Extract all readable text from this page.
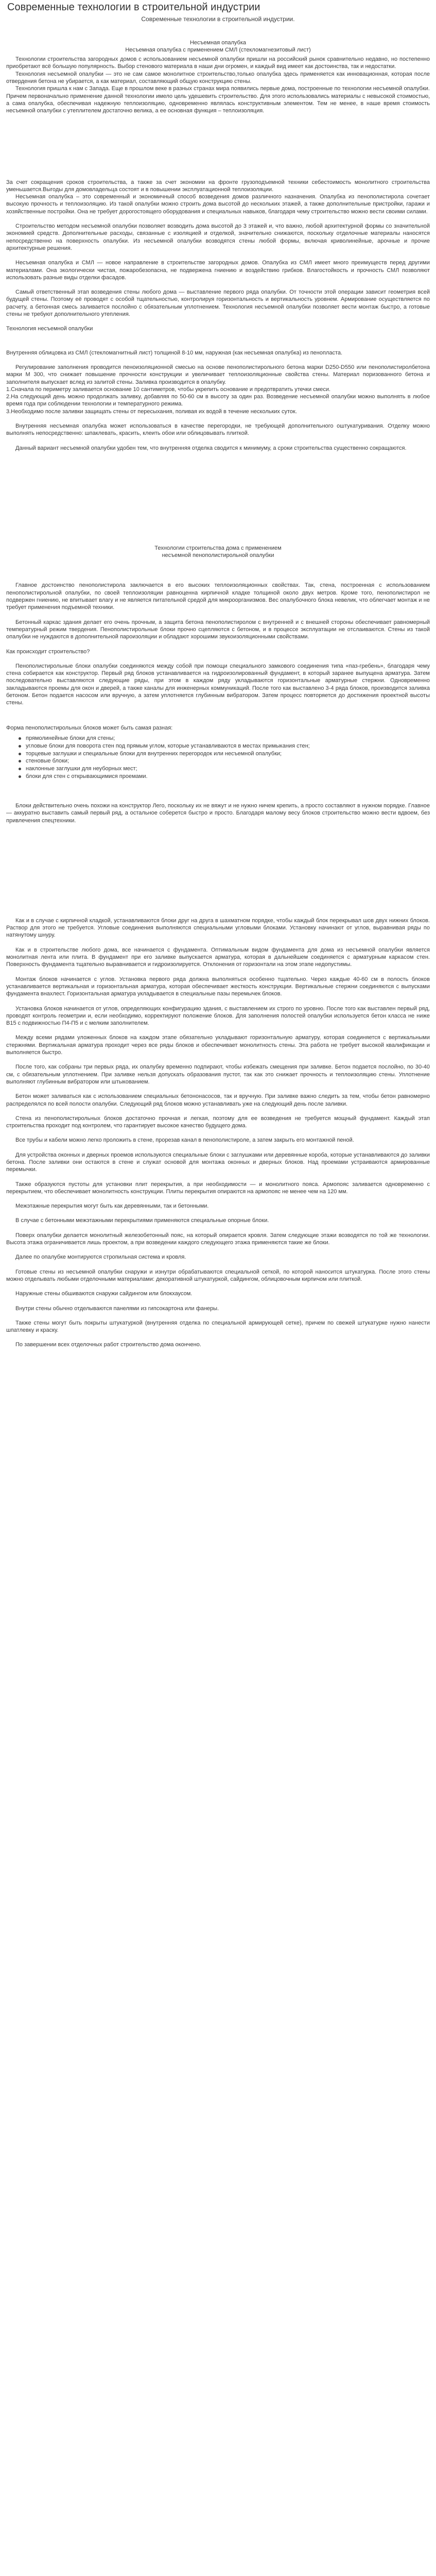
Современные технологии в строительной индустрии
Современные технологии в строительной индустрии.
Несъемная опалубка
Несъемная опалубка с применением СМЛ (стекломагнезитовый лист)

Технологии строительства загородных домов с использованием несъемной опалубки пришли на российский рынок сравнительно недавно, но постепенно приобретают всё большую популярность. Выбор стенового материала в наши дни огромен, и каждый вид имеет как достоинства, так и недостатки.

Технология несъемной опалубки — это не сам самое монолитное строительство,только опалубка здесь применяется как инновационная, которая после отвердения бетона не убирается, а как материал, составляющий общую конструкцию стены.

Технология пришла к нам с Запада. Еще в прошлом веке в разных странах мира появились первые дома, построенные по технологии несъемной опалубки. Причем первоначально применение данной технологии имело цель удешевить строительство. Для этого использовались материалы с невысокой стоимостью, а сама опалубка, обеспечивая надежную теплоизоляцию, одновременно являлась конструктивным элементом. Тем не менее, в наше время стоимость несъемной опалубки с утеплителем достаточно велика, а ее основная функция – теплоизоляция.

За счет сокращения сроков строительства, а также за счет экономии на фронте грузоподъемной техники себестоимость монолитного строительства уменьшается.Выгоды для домовладельца состоят и в повышении эксплуатационной теплоизоляции.

Несъемная опалубка – это современный и экономичный способ возведения домов различного назначения. Опалубка из пенополистирола сочетает высокую прочность и теплоизоляцию. Из такой опалубки можно строить дома высотой до нескольких этажей, а также дополнительные пристройки, гаражи и хозяйственные постройки. Она не требует дорогостоящего оборудования и специальных навыков, благодаря чему строительство можно вести своими силами.

Строительство методом несъемной опалубки позволяет возводить дома высотой до 3 этажей и, что важно, любой архитектурной формы со значительной экономией средств. Дополнительные расходы, связанные с изоляцией и отделкой, значительно снижаются, поскольку отделочные материалы наносятся непосредственно на поверхность опалубки. Из несъемной опалубки возводятся стены любой формы, включая криволинейные, арочные и прочие архитектурные решения.

Несъемная опалубка и СМЛ — новое направление в строительстве загородных домов. Опалубка из СМЛ имеет много преимуществ перед другими материалами. Она экологически чистая, пожаробезопасна, не подвержена гниению и воздействию грибков. Влагостойкость и прочность СМЛ позволяют использовать разные виды отделки фасадов.

Самый ответственный этап возведения стены любого дома — выставление первого ряда опалубки. От точности этой операции зависит геометрия всей будущей стены. Поэтому её проводят с особой тщательностью, контролируя горизонтальность и вертикальность уровнем. Армирование осуществляется по расчету, а бетонная смесь заливается послойно с обязательным уплотнением. Технология несъемной опалубки позволяет вести монтаж быстро, а готовые стены не требуют дополнительного утепления.

Технология несъемной опалубки

Внутренняя облицовка из СМЛ (стекломагнитный лист) толщиной 8-10 мм, наружная (как несъемная опалубка) из пенопласта.

Регулирование заполнения проводится пеноизоляционной смесью на основе пенополистирольного бетона марки D250-D550 или пенополистиролбетона марки М 300, что снижает повышение прочности конструкции и увеличивает теплоизоляционные свойства стены. Материал поризованного бетона и заполнителя выпускает вслед из залитой стены. Заливка производится в опалубку.

1.Сначала по периметру заливается основание 10 сантиметров, чтобы укрепить основание и предотвратить утечки смеси.

2.На следующий день можно продолжать заливку, добавляя по 50-60 см в высоту за один раз. Возведение несъемной опалубки можно выполнять в любое время года при соблюдении технологии и температурного режима.

3.Необходимо после заливки защищать стены от пересыхания, поливая их водой в течение нескольких суток.

Внутренняя несъемная опалубка может использоваться в качестве перегородки, не требующей дополнительного оштукатуривания. Отделку можно выполнять непосредственно: шпаклевать, красить, клеить обои или облицовывать плиткой.

Данный вариант несъемной опалубки удобен тем, что внутренняя отделка сводится к минимуму, а сроки строительства существенно сокращаются.

Технологии строительства дома с применением
несъемной пенополистирольной опалубки

Главное достоинство пенополистирола заключается в его высоких теплоизоляционных свойствах. Так, стена, построенная с использованием пенополистирольной опалубки, по своей теплоизоляции равноценна кирпичной кладке толщиной около двух метров. Кроме того, пенополистирол не подвержен гниению, не впитывает влагу и не является питательной средой для микроорганизмов. Вес опалубочного блока невелик, что облегчает монтаж и не требует применения подъемной техники.

Бетонный каркас здания делает его очень прочным, а защита бетона пенополистиролом с внутренней и с внешней стороны обеспечивает равномерный температурный режим твердения. Пенополистирольные блоки прочно сцепляются с бетоном, и в процессе эксплуатации не отслаиваются. Стены из такой опалубки не нуждаются в дополнительной пароизоляции и обладают хорошими звукоизоляционными свойствами.

Как происходит строительство?

Пенополистирольные блоки опалубки соединяются между собой при помощи специального замкового соединения типа «паз-гребень», благодаря чему стена собирается как конструктор. Первый ряд блоков устанавливается на гидроизолированный фундамент, в который заранее выпущена арматура. Затем последовательно выставляются следующие ряды, при этом в каждом ряду укладываются горизонтальные арматурные стержни. Одновременно закладываются проемы для окон и дверей, а также каналы для инженерных коммуникаций. После того как выставлено 3-4 ряда блоков, производится заливка бетоном. Бетон подается насосом или вручную, а затем уплотняется глубинным вибратором. Затем процесс повторяется до достижения проектной высоты стены.

Форма пенополистирольных блоков может быть самая разная:

прямолинейные блоки для стены;
угловые блоки для поворота стен под прямым углом, которые устанавливаются в местах примыкания стен;
торцевые заглушки и специальные блоки для внутренних перегородок или несъемной опалубки;
стеновые блоки;
наклонные заглушки для неуборных мест;
блоки для стен с открывающимися проемами.

Блоки действительно очень похожи на конструктор Лего, поскольку их не вяжут и не нужно ничем крепить, а просто составляют в нужном порядке. Главное — аккуратно выставить самый первый ряд, а остальное соберется быстро и просто. Благодаря малому весу блоков строительство можно вести вдвоем, без привлечения спецтехники.

Как и в случае с кирпичной кладкой, устанавливаются блоки друг на друга в шахматном порядке, чтобы каждый блок перекрывал шов двух нижних блоков. Раствор для этого не требуется. Угловые соединения выполняются специальными угловыми блоками. Установку начинают от углов, выравнивая ряды по натянутому шнуру.

Как и в строительстве любого дома, все начинается с фундамента. Оптимальным видом фундамента для дома из несъемной опалубки является монолитная лента или плита. В фундамент при его заливке выпускается арматура, которая в дальнейшем соединяется с арматурным каркасом стен. Поверхность фундамента тщательно выравнивается и гидроизолируется. Отклонения от горизонтали на этом этапе недопустимы.

Монтаж блоков начинается с углов. Установка первого ряда должна выполняться особенно тщательно. Через каждые 40-60 см в полость блоков устанавливается вертикальная и горизонтальная арматура, которая обеспечивает жесткость конструкции. Вертикальные стержни соединяются с выпусками фундамента внахлест. Горизонтальная арматура укладывается в специальные пазы перемычек блоков.

Установка блоков начинается от углов, определяющих конфигурацию здания, с выставлением их строго по уровню. После того как выставлен первый ряд, проводят контроль геометрии и, если необходимо, корректируют положение блоков. Для заполнения полостей опалубки используется бетон класса не ниже В15 с подвижностью П4-П5 и с мелким заполнителем.

Между всеми рядами уложенных блоков на каждом этапе обязательно укладывают горизонтальную арматуру, которая соединяется с вертикальными стержнями. Вертикальная арматура проходит через все ряды блоков и обеспечивает монолитность стены. Эта работа не требует высокой квалификации и выполняется быстро.

После того, как собраны три первых ряда, их опалубку временно подпирают, чтобы избежать смещения при заливке. Бетон подается послойно, по 30-40 см, с обязательным уплотнением. При заливке нельзя допускать образования пустот, так как это снижает прочность и теплоизоляцию стены. Уплотнение выполняют глубинным вибратором или штыкованием.

Бетон может заливаться как с использованием специальных бетононасосов, так и вручную. При заливке важно следить за тем, чтобы бетон равномерно распределялся по всей полости опалубки. Следующий ряд блоков можно устанавливать уже на следующий день после заливки.

Стена из пенополистирольных блоков достаточно прочная и легкая, поэтому для ее возведения не требуется мощный фундамент. Каждый этап строительства проходит под контролем, что гарантирует высокое качество будущего дома.

Все трубы и кабели можно легко проложить в стене, прорезав канал в пенополистироле, а затем закрыть его монтажной пеной.

Для устройства оконных и дверных проемов используются специальные блоки с заглушками или деревянные короба, которые устанавливаются до заливки бетона. После заливки они остаются в стене и служат основой для монтажа оконных и дверных блоков. Над проемами устраиваются армированные перемычки.

Также образуются пустоты для установки плит перекрытия, а при необходимости — и монолитного пояса. Армопояс заливается одновременно с перекрытием, что обеспечивает монолитность конструкции. Плиты перекрытия опираются на армопояс не менее чем на 120 мм.

Межэтажные перекрытия могут быть как деревянными, так и бетонными.

В случае с бетонными межэтажными перекрытиями применяются специальные опорные блоки.

Поверх опалубки делается монолитный железобетонный пояс, на который опирается кровля. Затем следующие этажи возводятся по той же технологии. Высота этажа ограничивается лишь проектом, а при возведении каждого следующего этажа применяются такие же блоки.

Далее по опалубке монтируются стропильная система и кровля.

Готовые стены из несъемной опалубки снаружи и изнутри обрабатываются специальной сеткой, по которой наносится штукатурка. После этого стены можно отделывать любыми отделочными материалами: декоративной штукатуркой, сайдингом, облицовочным кирпичом или плиткой.

Наружные стены обшиваются снаружи сайдингом или блокхаусом.

Внутри стены обычно отделываются панелями из гипсокартона или фанеры.

Также стены могут быть покрыты штукатуркой (внутренняя отделка по специальной армирующей сетке), причем по свежей штукатурке нужно нанести шпатлевку и краску.

По завершении всех отделочных работ строительство дома окончено.
